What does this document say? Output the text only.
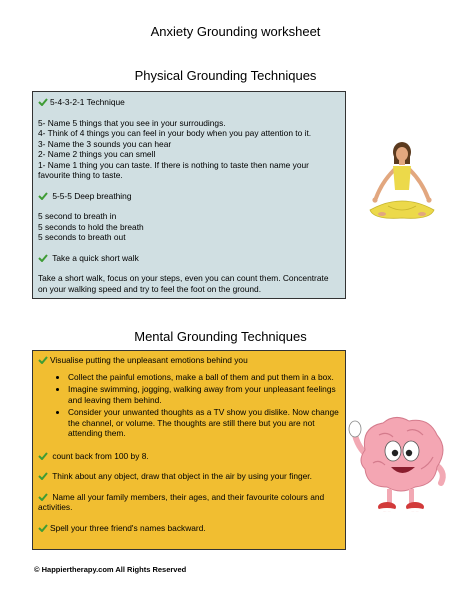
Anxiety Grounding worksheet
Physical Grounding Techniques
5-4-3-2-1 Technique
5- Name 5 things that you see in your surroudings.
4- Think of 4 things you can feel in your body when you pay attention to it.
3- Name the 3 sounds you can hear
2- Name 2 things you can smell
1- Name 1 thing you can taste. If there is nothing to taste then name your favourite thing to taste.
5-5-5 Deep breathing
5 second to breath in
5 seconds to hold the breath
5 seconds to breath out
Take a quick short walk
Take a short walk, focus on your steps, even you can count them. Concentrate on your walking speed and try to feel the foot on the ground.
Mental Grounding Techniques
Visualise putting the unpleasant emotions behind you
• Collect the painful emotions, make a ball of them and put them in a box.
• Imagine swimming, jogging, walking away from your unpleasant feelings and leaving them behind.
• Consider your unwanted thoughts as a TV show you dislike. Now change the channel, or volume. The thoughts are still there but you are not attending them.
count back from 100 by 8.
Think about any object, draw that object in the air by using your finger.
Name all your family members, their ages, and their favourite colours and activities.
Spell your three friend's names backward.
© Happiertherapy.com All Rights Reserved
